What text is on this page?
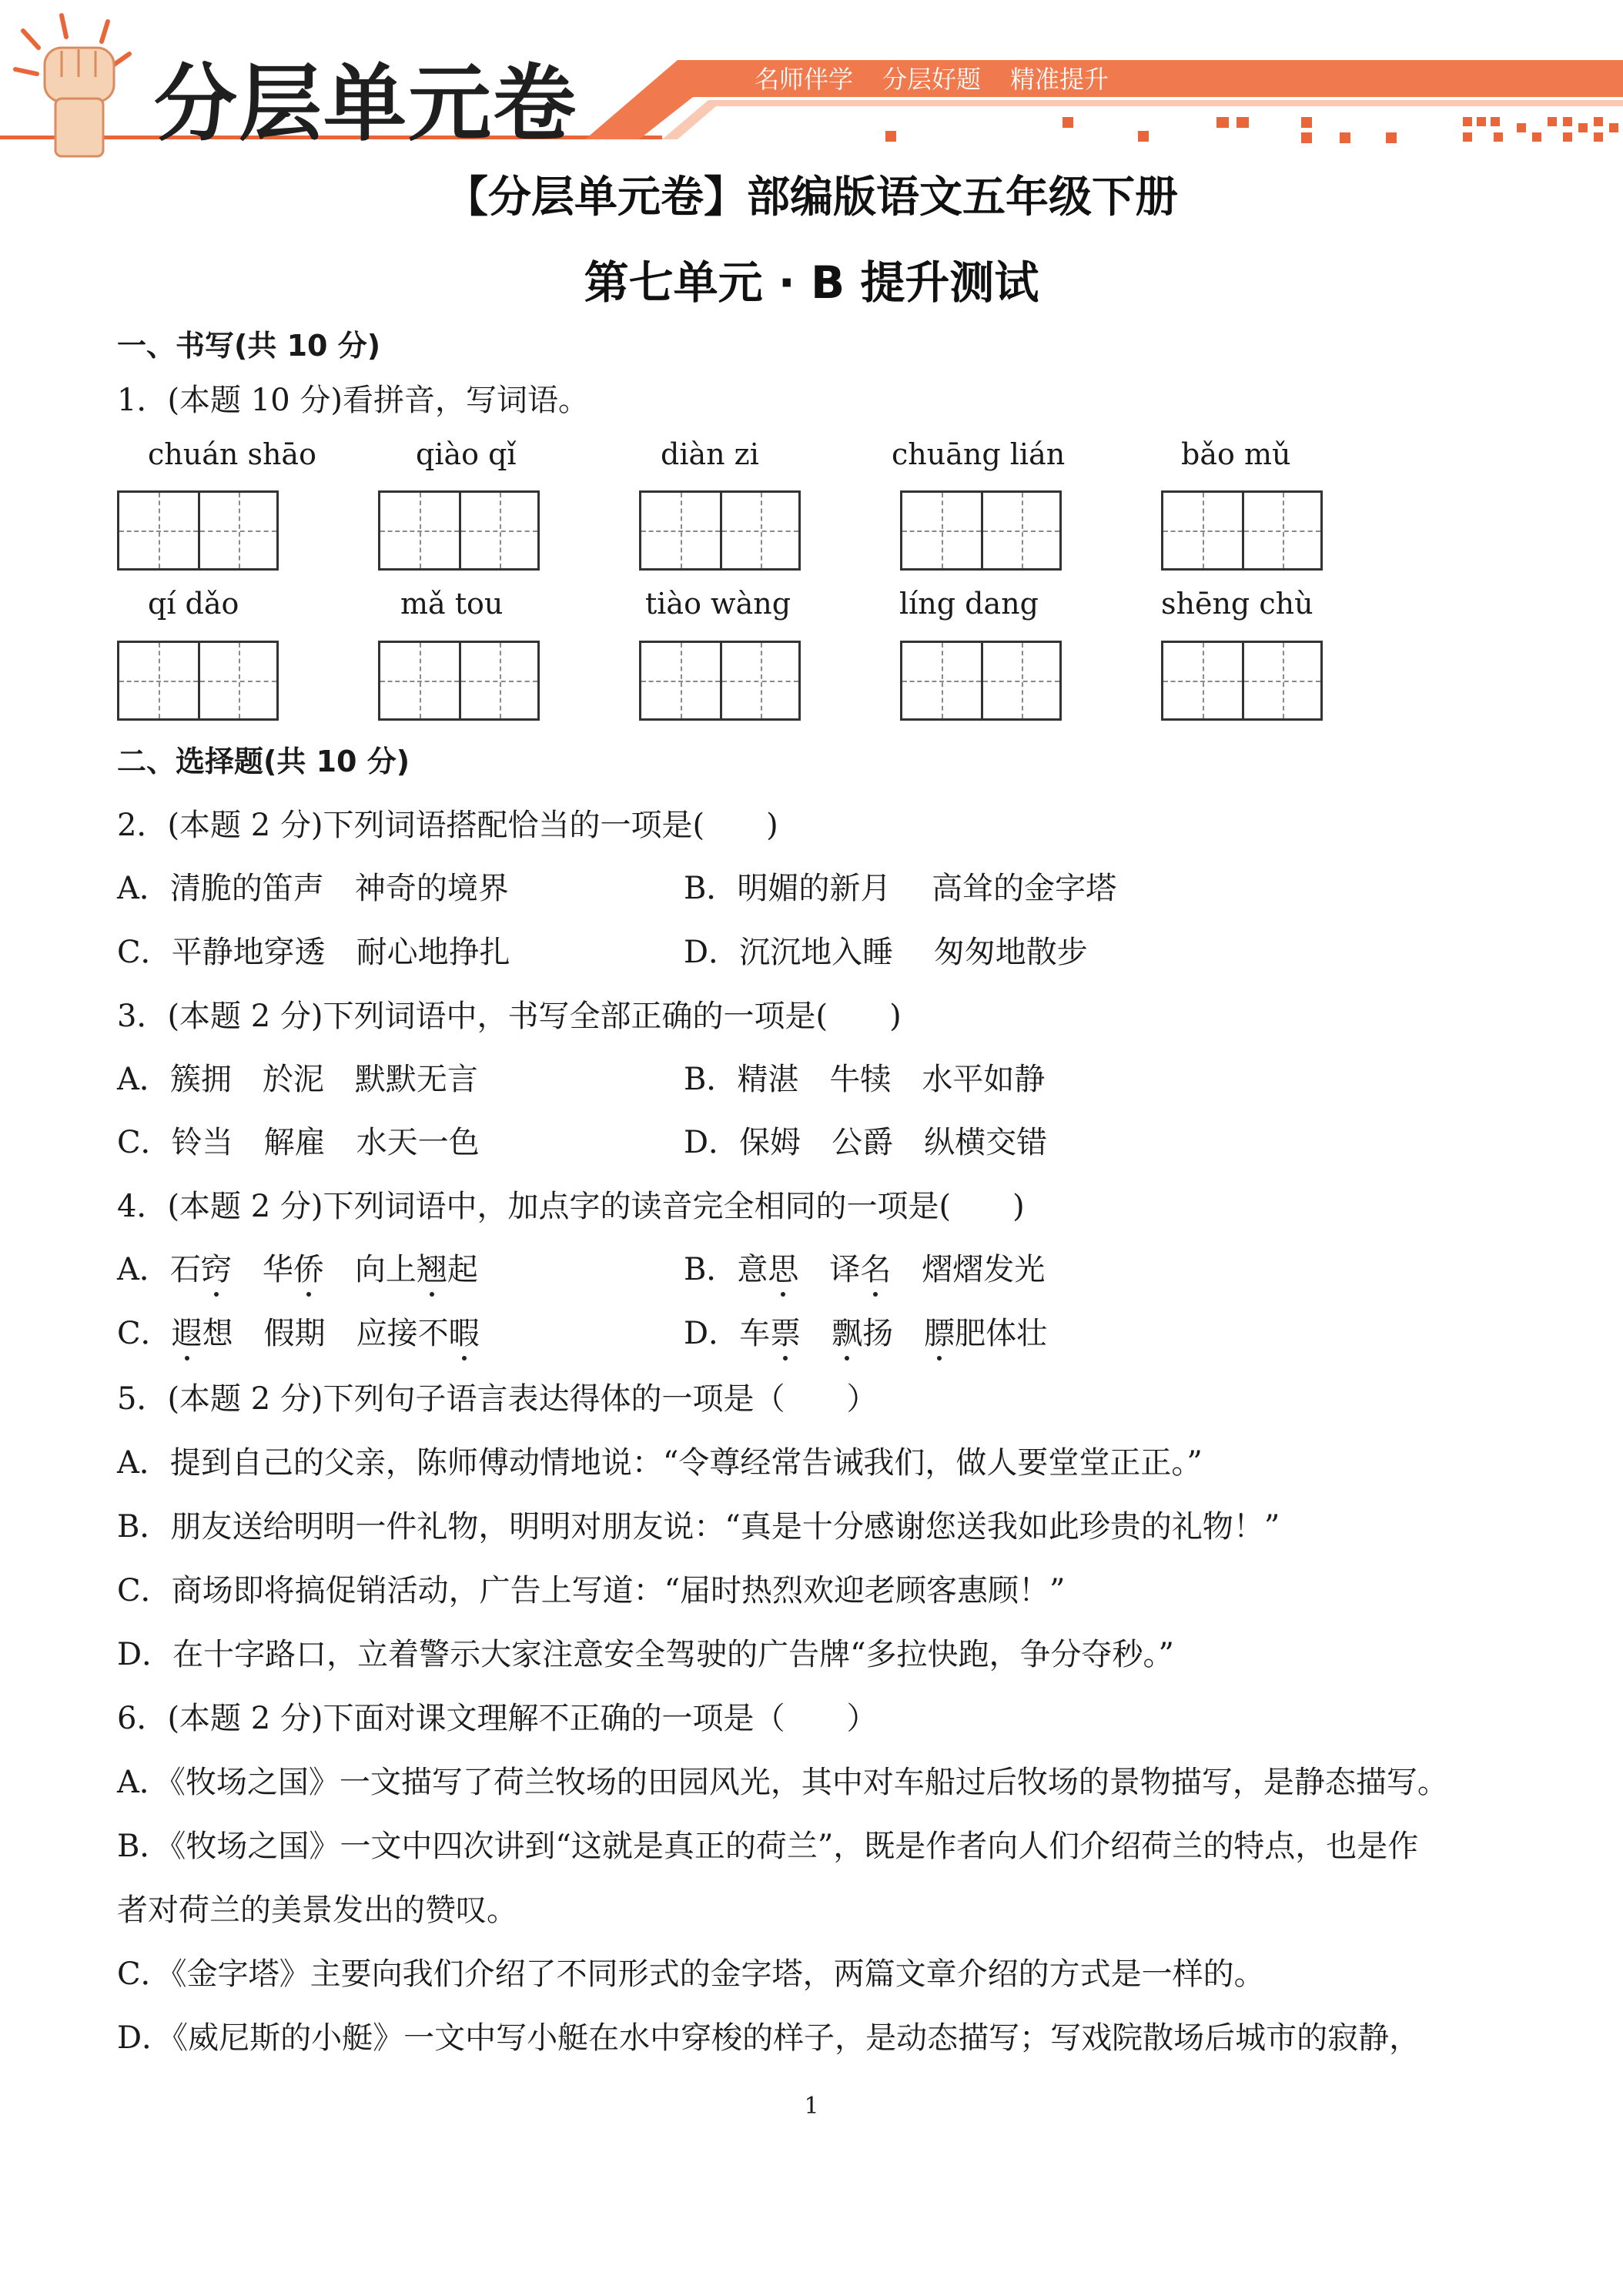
分层单元卷	名师伴学 分层好题 精准提升
【分层单元卷】部编版语文五年级下册
第七单元 · B 提升测试
一、书写(共 10 分)
1．(本题 10 分)看拼音，写词语。
chuán shāo	qiào qǐ	diàn zi	chuāng lián	bǎo mǔ
qí dǎo	mǎ tou	tiào wàng	líng dang	shēng chù
二、选择题(共 10 分)
2．(本题 2 分)下列词语搭配恰当的一项是(　　)
A．清脆的笛声　神奇的境界	B．明媚的新月　 高耸的金字塔
C．平静地穿透　耐心地挣扎	D．沉沉地入睡　 匆匆地散步
3．(本题 2 分)下列词语中，书写全部正确的一项是(　　)
A．簇拥　於泥　默默无言	B．精湛　牛犊　水平如静
C．铃当　解雇　水天一色	D．保姆　公爵　纵横交错
4．(本题 2 分)下列词语中，加点字的读音完全相同的一项是(　　)
A．石窍　华侨　向上翘起	B．意思　译名　熠熠发光
C．遐想　假期　应接不暇	D．车票　 飘扬　膘肥体壮
5．(本题 2 分)下列句子语言表达得体的一项是（　　）
A．提到自己的父亲，陈师傅动情地说：“令尊经常告诫我们，做人要堂堂正正。”
B．朋友送给明明一件礼物，明明对朋友说：“真是十分感谢您送我如此珍贵的礼物！”
C．商场即将搞促销活动，广告上写道：“届时热烈欢迎老顾客惠顾！”
D．在十字路口，立着警示大家注意安全驾驶的广告牌“多拉快跑，争分夺秒。”
6．(本题 2 分)下面对课文理解不正确的一项是（　　）
A．《牧场之国》一文描写了荷兰牧场的田园风光，其中对车船过后牧场的景物描写，是静态描写。
B．《牧场之国》一文中四次讲到“这就是真正的荷兰”，既是作者向人们介绍荷兰的特点，也是作
者对荷兰的美景发出的赞叹。
C．《金字塔》主要向我们介绍了不同形式的金字塔，两篇文章介绍的方式是一样的。
D．《威尼斯的小艇》一文中写小艇在水中穿梭的样子，是动态描写；写戏院散场后城市的寂静，
1
